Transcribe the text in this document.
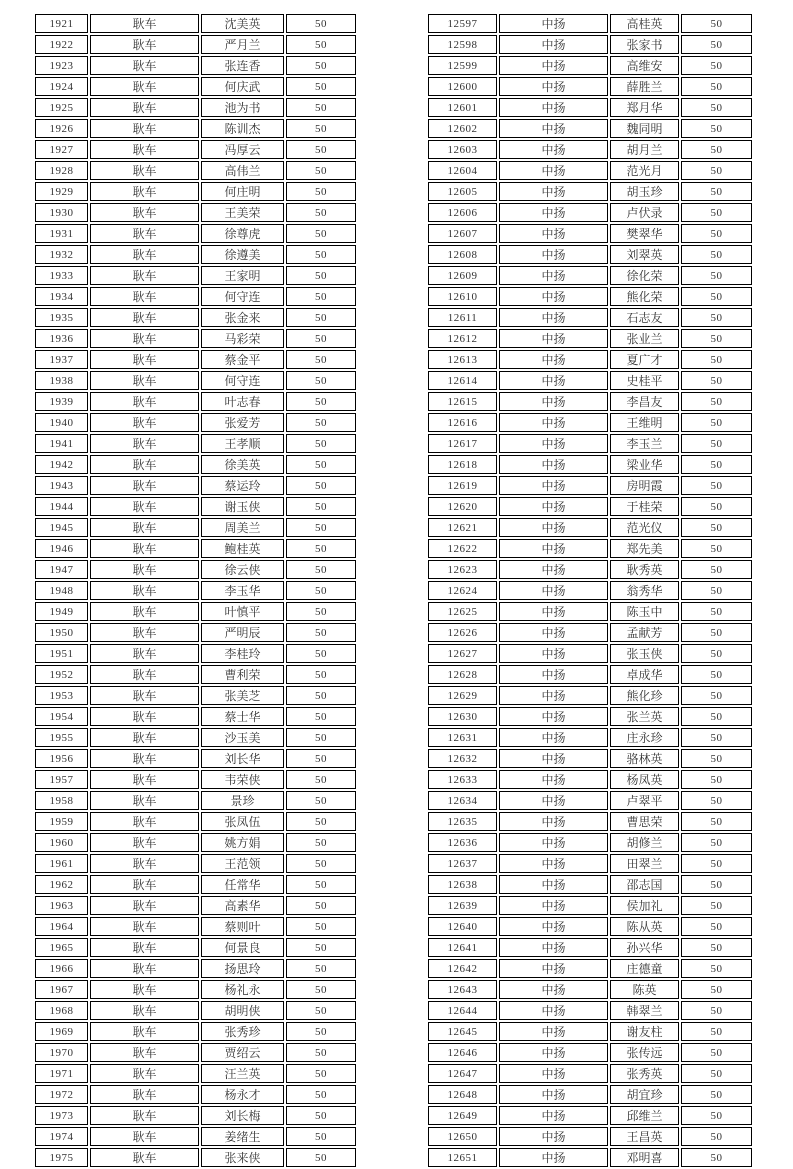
1921	耿车	沈美英	50
1922	耿车	严月兰	50
1923	耿车	张连香	50
1924	耿车	何庆武	50
1925	耿车	池为书	50
1926	耿车	陈训杰	50
1927	耿车	冯厚云	50
1928	耿车	高伟兰	50
1929	耿车	何庄明	50
1930	耿车	王美荣	50
1931	耿车	徐尊虎	50
1932	耿车	徐遵美	50
1933	耿车	王家明	50
1934	耿车	何守连	50
1935	耿车	张金来	50
1936	耿车	马彩荣	50
1937	耿车	蔡金平	50
1938	耿车	何守连	50
1939	耿车	叶志春	50
1940	耿车	张爱芳	50
1941	耿车	王孝顺	50
1942	耿车	徐美英	50
1943	耿车	蔡运玲	50
1944	耿车	谢玉侠	50
1945	耿车	周美兰	50
1946	耿车	鲍桂英	50
1947	耿车	徐云侠	50
1948	耿车	李玉华	50
1949	耿车	叶慎平	50
1950	耿车	严明辰	50
1951	耿车	李桂玲	50
1952	耿车	曹利荣	50
1953	耿车	张美芝	50
1954	耿车	蔡士华	50
1955	耿车	沙玉美	50
1956	耿车	刘长华	50
1957	耿车	韦荣侠	50
1958	耿车	景珍	50
1959	耿车	张凤伍	50
1960	耿车	姚方娟	50
1961	耿车	王范领	50
1962	耿车	任常华	50
1963	耿车	高素华	50
1964	耿车	蔡则叶	50
1965	耿车	何景良	50
1966	耿车	扬思玲	50
1967	耿车	杨礼永	50
1968	耿车	胡明侠	50
1969	耿车	张秀珍	50
1970	耿车	贾绍云	50
1971	耿车	汪兰英	50
1972	耿车	杨永才	50
1973	耿车	刘长梅	50
1974	耿车	姜绪生	50
1975	耿车	张来侠	50
12597	中扬	高桂英	50
12598	中扬	张家书	50
12599	中扬	高维安	50
12600	中扬	薛胜兰	50
12601	中扬	郑月华	50
12602	中扬	魏同明	50
12603	中扬	胡月兰	50
12604	中扬	范光月	50
12605	中扬	胡玉珍	50
12606	中扬	卢伏录	50
12607	中扬	樊翠华	50
12608	中扬	刘翠英	50
12609	中扬	徐化荣	50
12610	中扬	熊化荣	50
12611	中扬	石志友	50
12612	中扬	张业兰	50
12613	中扬	夏广才	50
12614	中扬	史桂平	50
12615	中扬	李昌友	50
12616	中扬	王维明	50
12617	中扬	李玉兰	50
12618	中扬	梁业华	50
12619	中扬	房明霞	50
12620	中扬	于桂荣	50
12621	中扬	范光仪	50
12622	中扬	郑先美	50
12623	中扬	耿秀英	50
12624	中扬	翁秀华	50
12625	中扬	陈玉中	50
12626	中扬	孟献芳	50
12627	中扬	张玉侠	50
12628	中扬	卓成华	50
12629	中扬	熊化珍	50
12630	中扬	张兰英	50
12631	中扬	庄永珍	50
12632	中扬	骆林英	50
12633	中扬	杨凤英	50
12634	中扬	卢翠平	50
12635	中扬	曹思荣	50
12636	中扬	胡修兰	50
12637	中扬	田翠兰	50
12638	中扬	邵志国	50
12639	中扬	侯加礼	50
12640	中扬	陈从英	50
12641	中扬	孙兴华	50
12642	中扬	庄德童	50
12643	中扬	陈英	50
12644	中扬	韩翠兰	50
12645	中扬	谢友柱	50
12646	中扬	张传远	50
12647	中扬	张秀英	50
12648	中扬	胡宜珍	50
12649	中扬	邱维兰	50
12650	中扬	王昌英	50
12651	中扬	邓明喜	50
